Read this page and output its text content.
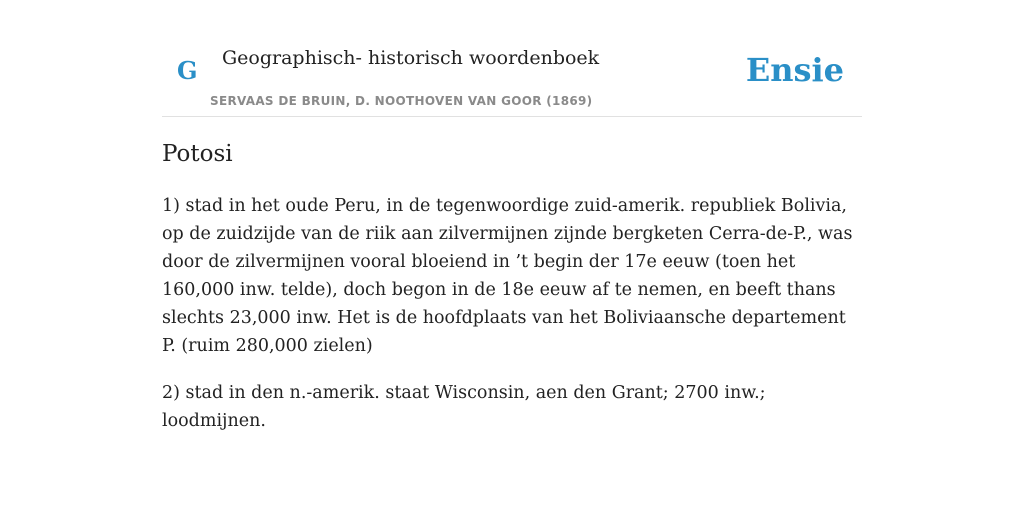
G Geographisch- historisch woordenboek
SERVAAS DE BRUIN, D. NOOTHOVEN VAN GOOR (1869)
Ensie
Potosi

1) stad in het oude Peru, in de tegenwoordige zuid-amerik. republiek Bolivia, op de zuidzijde van de riik aan zilvermijnen zijnde bergketen Cerra-de-P., was door de zilvermijnen vooral bloeiend in ’t begin der 17e eeuw (toen het 160,000 inw. telde), doch begon in de 18e eeuw af te nemen, en beeft thans slechts 23,000 inw. Het is de hoofdplaats van het Boliviaansche departement P. (ruim 280,000 zielen)

2) stad in den n.-amerik. staat Wisconsin, aen den Grant; 2700 inw.; loodmijnen.
